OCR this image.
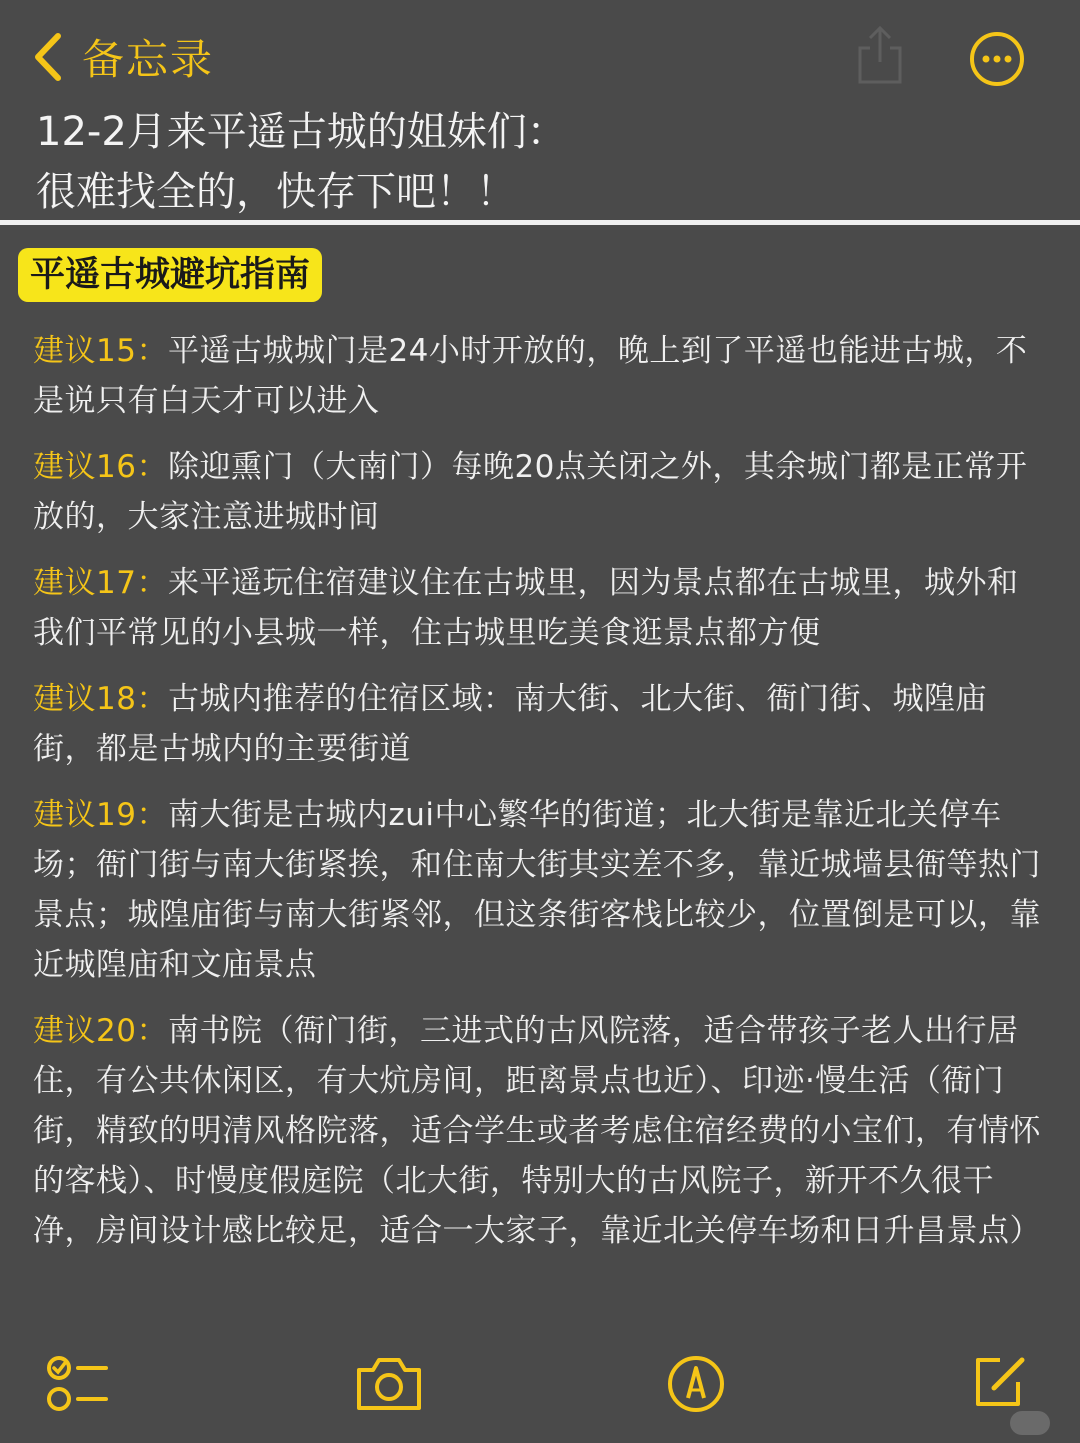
备忘录
12-2月来平遥古城的姐妹们：
很难找全的，快存下吧！！
平遥古城避坑指南

建议15：平遥古城城门是24小时开放的，晚上到了平遥也能进古城，不是说只有白天才可以进入

建议16：除迎熏门（大南门）每晚20点关闭之外，其余城门都是正常开放的，大家注意进城时间

建议17：来平遥玩住宿建议住在古城里，因为景点都在古城里，城外和我们平常见的小县城一样，住古城里吃美食逛景点都方便

建议18：古城内推荐的住宿区域：南大街、北大街、衙门街、城隍庙街，都是古城内的主要街道

建议19：南大街是古城内zui中心繁华的街道；北大街是靠近北关停车场；衙门街与南大街紧挨，和住南大街其实差不多，靠近城墙县衙等热门景点；城隍庙街与南大街紧邻，但这条街客栈比较少，位置倒是可以，靠近城隍庙和文庙景点

建议20：南书院（衙门街，三进式的古风院落，适合带孩子老人出行居住，有公共休闲区，有大炕房间，距离景点也近）、印迹·慢生活（衙门街，精致的明清风格院落，适合学生或者考虑住宿经费的小宝们，有情怀的客栈）、时慢度假庭院（北大街，特别大的古风院子，新开不久很干净，房间设计感比较足，适合一大家子，靠近北关停车场和日升昌景点）
